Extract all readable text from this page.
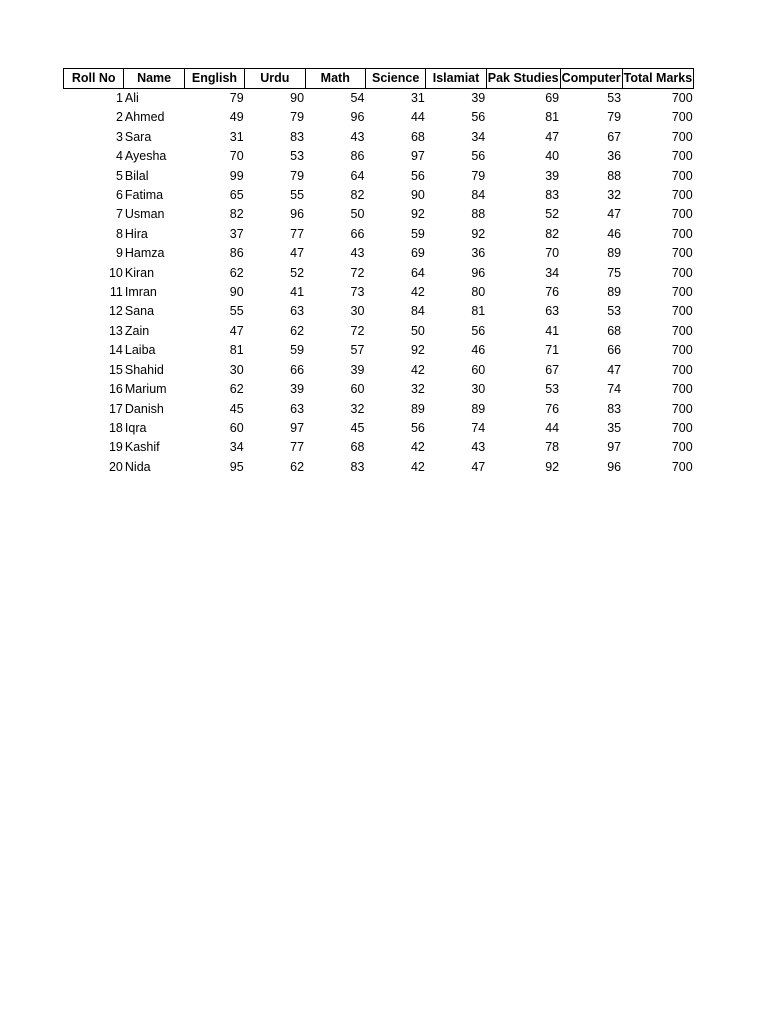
Roll No	Name	English	Urdu	Math	Science	Islamiat	Pak Studies	Computer	Total Marks
1	Ali	79	90	54	31	39	69	53	700
2	Ahmed	49	79	96	44	56	81	79	700
3	Sara	31	83	43	68	34	47	67	700
4	Ayesha	70	53	86	97	56	40	36	700
5	Bilal	99	79	64	56	79	39	88	700
6	Fatima	65	55	82	90	84	83	32	700
7	Usman	82	96	50	92	88	52	47	700
8	Hira	37	77	66	59	92	82	46	700
9	Hamza	86	47	43	69	36	70	89	700
10	Kiran	62	52	72	64	96	34	75	700
11	Imran	90	41	73	42	80	76	89	700
12	Sana	55	63	30	84	81	63	53	700
13	Zain	47	62	72	50	56	41	68	700
14	Laiba	81	59	57	92	46	71	66	700
15	Shahid	30	66	39	42	60	67	47	700
16	Marium	62	39	60	32	30	53	74	700
17	Danish	45	63	32	89	89	76	83	700
18	Iqra	60	97	45	56	74	44	35	700
19	Kashif	34	77	68	42	43	78	97	700
20	Nida	95	62	83	42	47	92	96	700
